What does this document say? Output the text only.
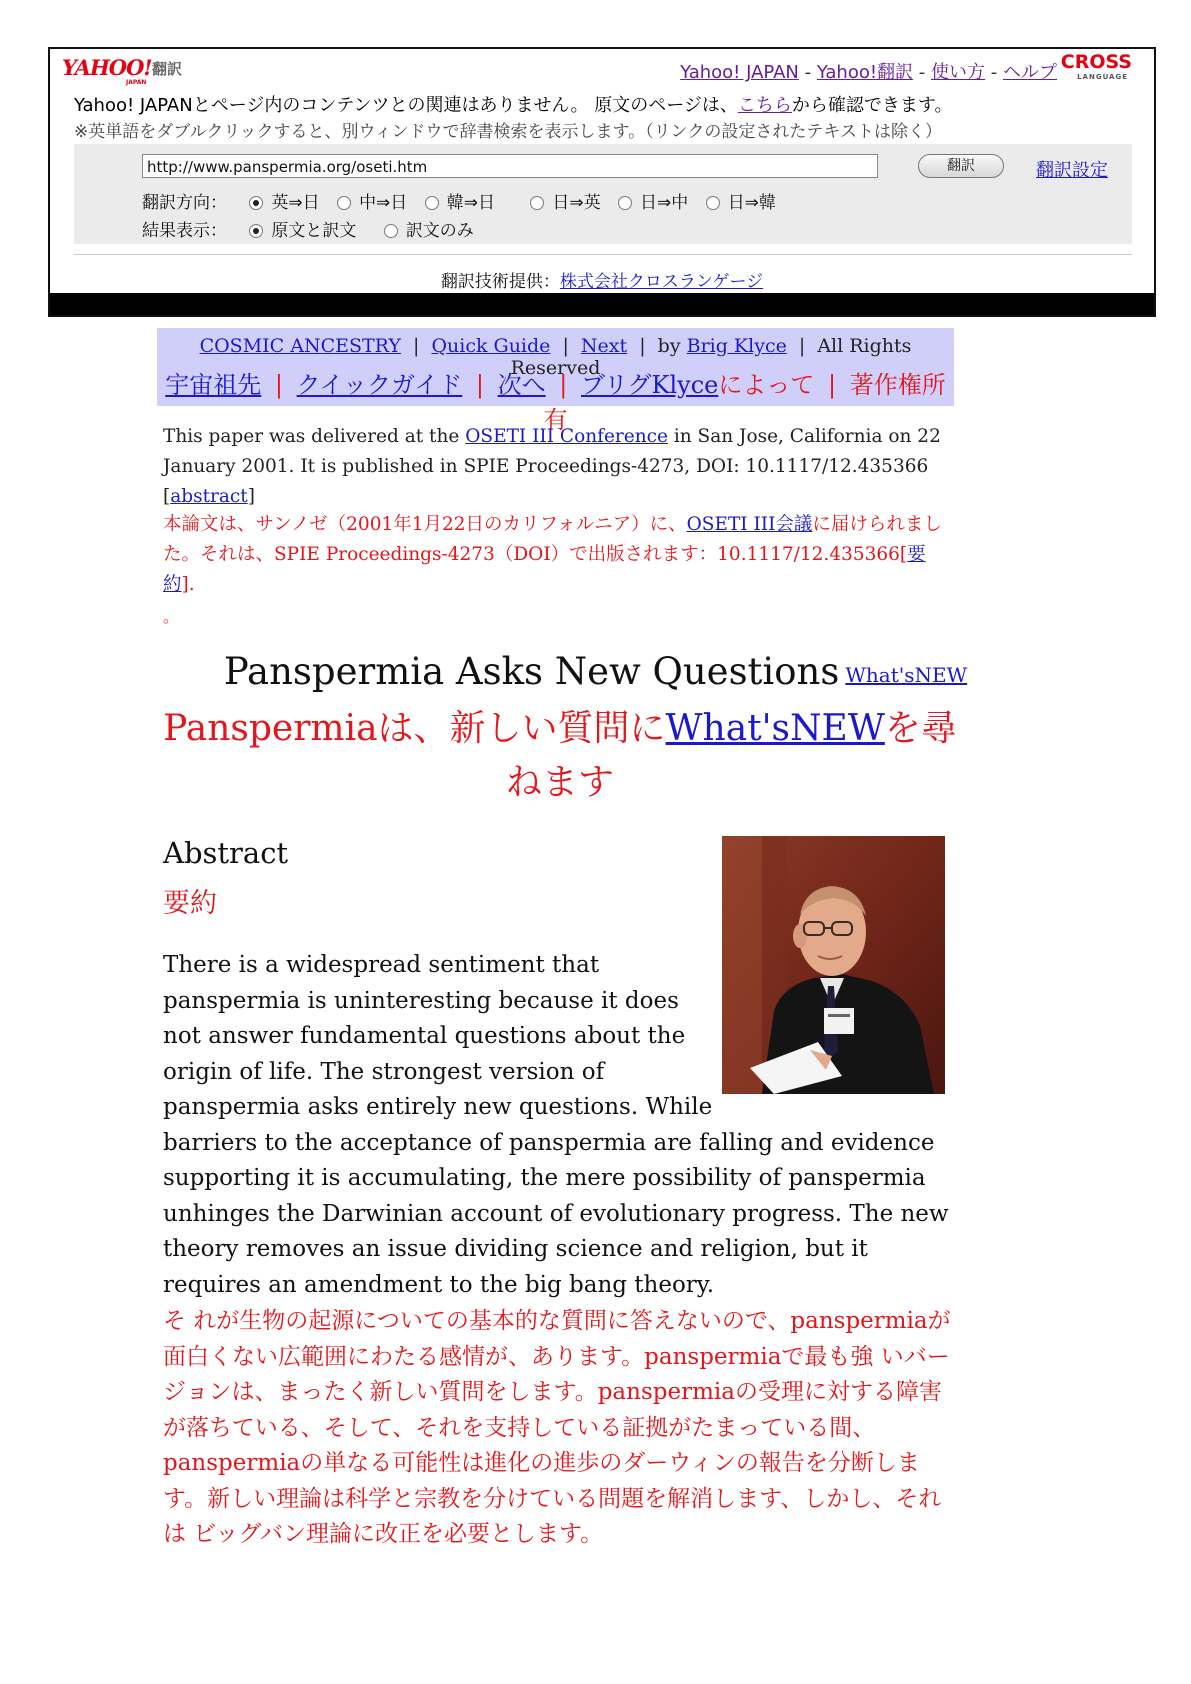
YAHOO!
JAPAN
翻訳	Yahoo! JAPAN - Yahoo!翻訳 - 使い方 - ヘルプ CROSS
LANGUAGE
Yahoo! JAPANとページ内のコンテンツとの関連はありません。 原文のページは、こちらから確認できます。
※英単語をダブルクリックすると、別ウィンドウで辞書検索を表示します。（リンクの設定されたテキストは除く）
http://www.panspermia.org/oseti.htm	翻訳	翻訳設定
翻訳方向：	英⇒日 中⇒日 韓⇒日	日⇒英 日⇒中 日⇒韓
結果表示：	原文と訳文	訳文のみ
翻訳技術提供：株式会社クロスランゲージ
COSMIC ANCESTRY | Quick Guide | Next | by Brig Klyce | All Rights Reserved
宇宙祖先 | クイックガイド | 次へ | ブリグKlyceによって | 著作権所有
This paper was delivered at the OSETI III Conference in San Jose, California on 22 January 2001. It is published in SPIE Proceedings-4273, DOI: 10.1117/12.435366 [abstract]
本論文は、サンノゼ（2001年1月22日のカリフォルニア）に、OSETI III会議に届けられました。それは、SPIE Proceedings-4273（DOI）で出版されます：10.1117/12.435366[要約].
。
Panspermia Asks New Questions What'sNEW
Panspermiaは、新しい質問にWhat'sNEWを尋ねます
Abstract
要約
There is a widespread sentiment that panspermia is uninteresting because it does not answer fundamental questions about the origin of life. The strongest version of panspermia asks entirely new questions. While barriers to the acceptance of panspermia are falling and evidence supporting it is accumulating, the mere possibility of panspermia unhinges the Darwinian account of evolutionary progress. The new theory removes an issue dividing science and religion, but it requires an amendment to the big bang theory.
そ れが生物の起源についての基本的な質問に答えないので、panspermiaが面白くない広範囲にわたる感情が、あります。panspermiaで最も強 いバージョンは、まったく新しい質問をします。panspermiaの受理に対する障害が落ちている、そして、それを支持している証拠がたまっている間、 panspermiaの単なる可能性は進化の進歩のダーウィンの報告を分断します。新しい理論は科学と宗教を分けている問題を解消します、しかし、それは ビッグバン理論に改正を必要とします。
